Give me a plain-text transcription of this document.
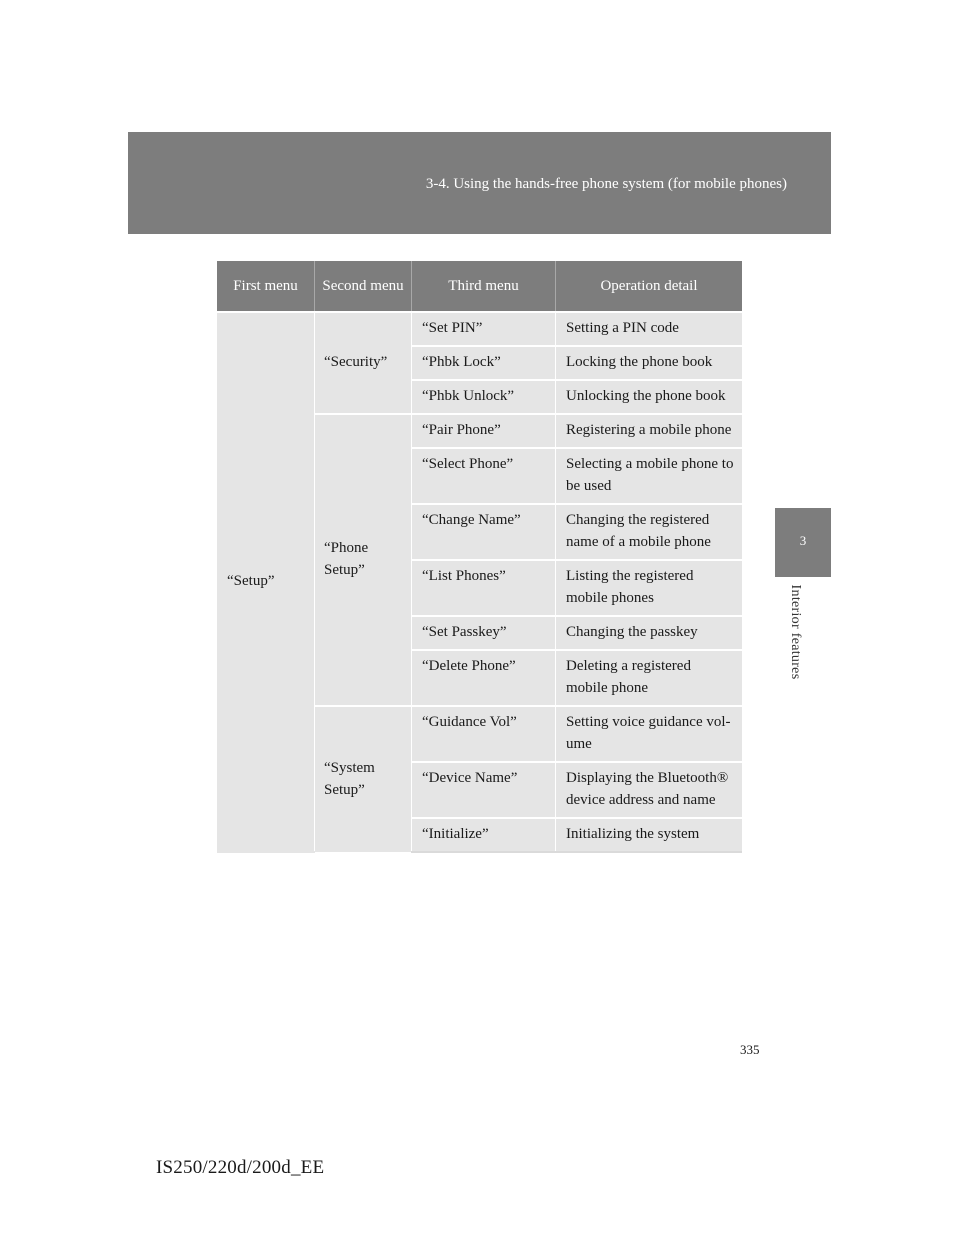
3-4. Using the hands-free phone system (for mobile phones)
3
Interior features
First menu	Second menu	Third menu	Operation detail
“Setup”	“Security”	“Set PIN”	Setting a PIN code
		“Phbk Lock”	Locking the phone book
		“Phbk Unlock”	Unlocking the phone book
	“Phone Setup”	“Pair Phone”	Registering a mobile phone
		“Select Phone”	Selecting a mobile phone to be used
		“Change Name”	Changing the registered name of a mobile phone
		“List Phones”	Listing the registered mobile phones
		“Set Passkey”	Changing the passkey
		“Delete Phone”	Deleting a registered mobile phone
	“System Setup”	“Guidance Vol”	Setting voice guidance vol-ume
		“Device Name”	Displaying the Bluetooth® device address and name
		“Initialize”	Initializing the system
335
IS250/220d/200d_EE
